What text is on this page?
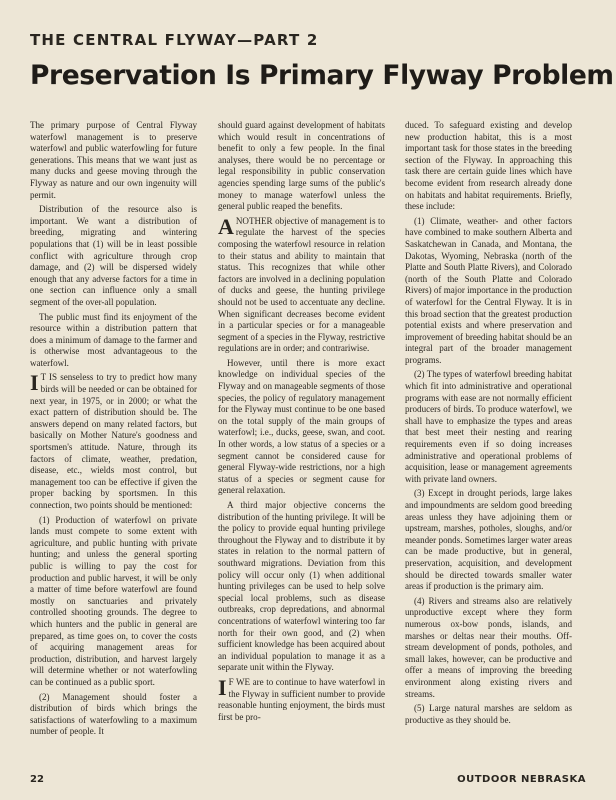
THE CENTRAL FLYWAY—PART 2
Preservation Is Primary Flyway Problem

The primary purpose of Central Flyway waterfowl management is to preserve waterfowl and public waterfowling for future generations. This means that we want just as many ducks and geese moving through the Flyway as nature and our own ingenuity will permit.

Distribution of the resource also is important. We want a distribution of breeding, migrating and wintering populations that (1) will be in least possible conflict with agriculture through crop damage, and (2) will be dispersed widely enough that any adverse factors for a time in one section can influence only a small segment of the over-all population.

The public must find its enjoyment of the resource within a distribution pattern that does a minimum of damage to the farmer and is otherwise most advantageous to the waterfowl.

I T IS senseless to try to predict how many birds will be needed or can be obtained for next year, in 1975, or in 2000; or what the exact pattern of distribution should be. The answers depend on many related factors, but basically on Mother Nature's goodness and sportsmen's attitude. Nature, through its factors of climate, weather, predation, disease, etc., wields most control, but management too can be effective if given the proper backing by sportsmen. In this connection, two points should be mentioned:

(1) Production of waterfowl on private lands must compete to some extent with agriculture, and public hunting with private hunting; and unless the general sporting public is willing to pay the cost for production and public harvest, it will be only a matter of time before waterfowl are found mostly on sanctuaries and privately controlled shooting grounds. The degree to which hunters and the public in general are prepared, as time goes on, to cover the costs of acquiring management areas for production, distribution, and harvest largely will determine whether or not waterfowling can be continued as a public sport.

(2) Management should foster a distribution of birds which brings the satisfactions of waterfowling to a maximum number of people. It

should guard against development of habitats which would result in concentrations of benefit to only a few people. In the final analyses, there would be no percentage or legal responsibility in public conservation agencies spending large sums of the public's money to manage waterfowl unless the general public reaped the benefits.

ANOTHER objective of management is to regulate the harvest of the species composing the waterfowl resource in relation to their status and ability to maintain that status. This recognizes that while other factors are involved in a declining population of ducks and geese, the hunting privilege should not be used to accentuate any decline. When significant decreases become evident in a particular species or for a manageable segment of a species in the Flyway, restrictive regulations are in order; and contrariwise.

However, until there is more exact knowledge on individual species of the Flyway and on manageable segments of those species, the policy of regulatory management for the Flyway must continue to be one based on the total supply of the main groups of waterfowl; i.e., ducks, geese, swan, and coot. In other words, a low status of a species or a segment cannot be considered cause for general Flyway-wide restrictions, nor a high status of a species or segment cause for general relaxation.

A third major objective concerns the distribution of the hunting privilege. It will be the policy to provide equal hunting privilege throughout the Flyway and to distribute it by states in relation to the normal pattern of southward migrations. Deviation from this policy will occur only (1) when additional hunting privileges can be used to help solve special local problems, such as disease outbreaks, crop depredations, and abnormal concentrations of waterfowl wintering too far north for their own good, and (2) when sufficient knowledge has been acquired about an individual population to manage it as a separate unit within the Flyway.

I F WE are to continue to have waterfowl in the Flyway in sufficient number to provide reasonable hunting enjoyment, the birds must first be pro-

duced. To safeguard existing and develop new production habitat, this is a most important task for those states in the breeding section of the Flyway. In approaching this task there are certain guide lines which have become evident from research already done on habitats and habitat requirements. Briefly, these include:

(1) Climate, weather- and other factors have combined to make southern Alberta and Saskatchewan in Canada, and Montana, the Dakotas, Wyoming, Nebraska (north of the Platte and South Platte Rivers), and Colorado (north of the South Platte and Colorado Rivers) of major importance in the production of waterfowl for the Central Flyway. It is in this broad section that the greatest production potential exists and where preservation and improvement of breeding habitat should be an integral part of the broader management programs.

(2) The types of waterfowl breeding habitat which fit into administrative and operational programs with ease are not normally efficient producers of birds. To produce waterfowl, we shall have to emphasize the types and areas that best meet their nesting and rearing requirements even if so doing increases administrative and operational problems of acquisition, lease or management agreements with private land owners.

(3) Except in drought periods, large lakes and impoundments are seldom good breeding areas unless they have adjoining them or upstream, marshes, potholes, sloughs, and/or meander ponds. Sometimes larger water areas can be made productive, but in general, preservation, acquisition, and development should be directed towards smaller water areas if production is the primary aim.

(4) Rivers and streams also are relatively unproductive except where they form numerous ox-bow ponds, islands, and marshes or deltas near their mouths. Off-stream development of ponds, potholes, and small lakes, however, can be productive and offer a means of improving the breeding environment along existing rivers and streams.

(5) Large natural marshes are seldom as productive as they should be.

22	OUTDOOR NEBRASKA
